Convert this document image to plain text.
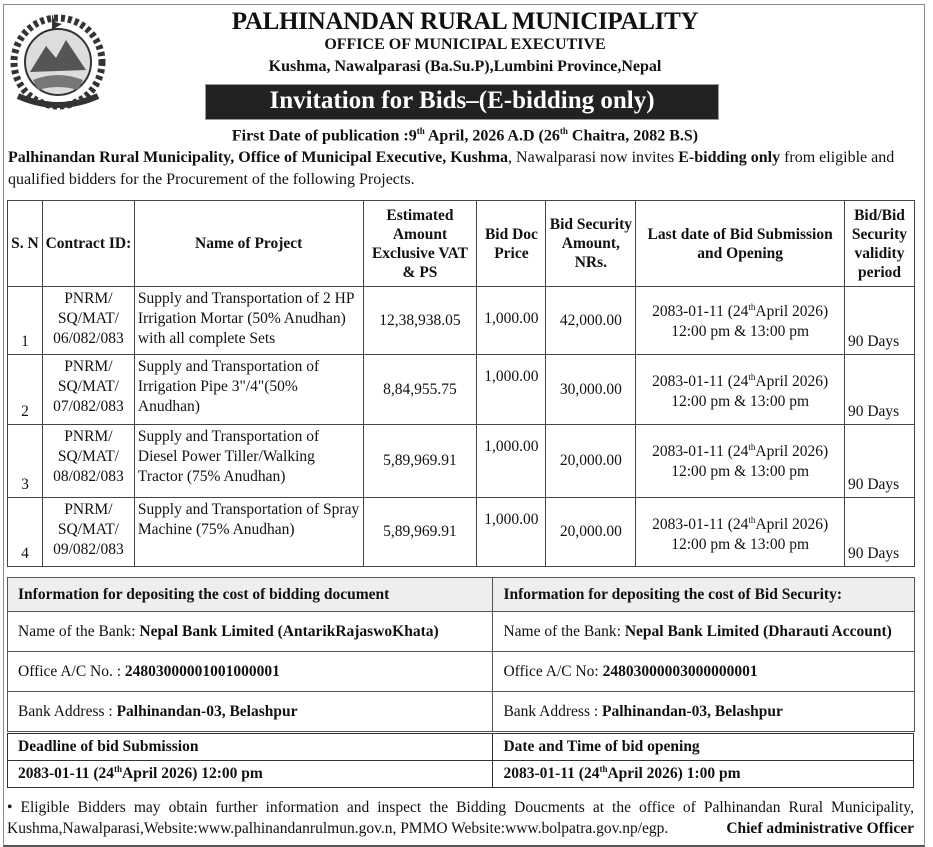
PALHINANDAN RURAL MUNICIPALITY
OFFICE OF MUNICIPAL EXECUTIVE
Kushma, Nawalparasi (Ba.Su.P),Lumbini Province,Nepal
Invitation for Bids–(E-bidding only)
First Date of publication :9th April, 2026 A.D (26th Chaitra, 2082 B.S)
Palhinandan Rural Municipality, Office of Municipal Executive, Kushma, Nawalparasi now invites E-bidding only from eligible and qualified bidders for the Procurement of the following Projects.
S. N	Contract ID:	Name of Project	Estimated Amount Exclusive VAT & PS	Bid Doc Price	Bid Security Amount, NRs.	Last date of Bid Submission and Opening	Bid/Bid Security validity period
1	PNRM/ SQ/MAT/ 06/082/083	Supply and Transportation of 2 HP Irrigation Mortar (50% Anudhan) with all complete Sets	12,38,938.05	1,000.00	42,000.00	2083-01-11 (24thApril 2026)
12:00 pm & 13:00 pm	90 Days
2	PNRM/ SQ/MAT/ 07/082/083	Supply and Transportation of Irrigation Pipe 3"/4"(50% Anudhan)	8,84,955.75	1,000.00	30,000.00	2083-01-11 (24thApril 2026)
12:00 pm & 13:00 pm	90 Days
3	PNRM/ SQ/MAT/ 08/082/083	Supply and Transportation of Diesel Power Tiller/Walking Tractor (75% Anudhan)	5,89,969.91	1,000.00	20,000.00	2083-01-11 (24thApril 2026)
12:00 pm & 13:00 pm	90 Days
4	PNRM/ SQ/MAT/ 09/082/083	Supply and Transportation of Spray Machine (75% Anudhan)	5,89,969.91	1,000.00	20,000.00	2083-01-11 (24thApril 2026)
12:00 pm & 13:00 pm	90 Days
Information for depositing the cost of bidding document	Information for depositing the cost of Bid Security:
Name of the Bank: Nepal Bank Limited (AntarikRajaswoKhata)	Name of the Bank: Nepal Bank Limited (Dharauti Account)
Office A/C No. : 24803000001001000001	Office A/C No: 24803000003000000001
Bank Address : Palhinandan-03, Belashpur	Bank Address : Palhinandan-03, Belashpur
Deadline of bid Submission	Date and Time of bid opening
2083-01-11 (24thApril 2026) 12:00 pm	2083-01-11 (24thApril 2026) 1:00 pm
• Eligible Bidders may obtain further information and inspect the Bidding Doucments at the office of Palhinandan Rural Municipality, Kushma,Nawalparasi,Website:www.palhinandanrulmun.gov.n, PMMO Website:www.bolpatra.gov.np/egp.	Chief administrative Officer
